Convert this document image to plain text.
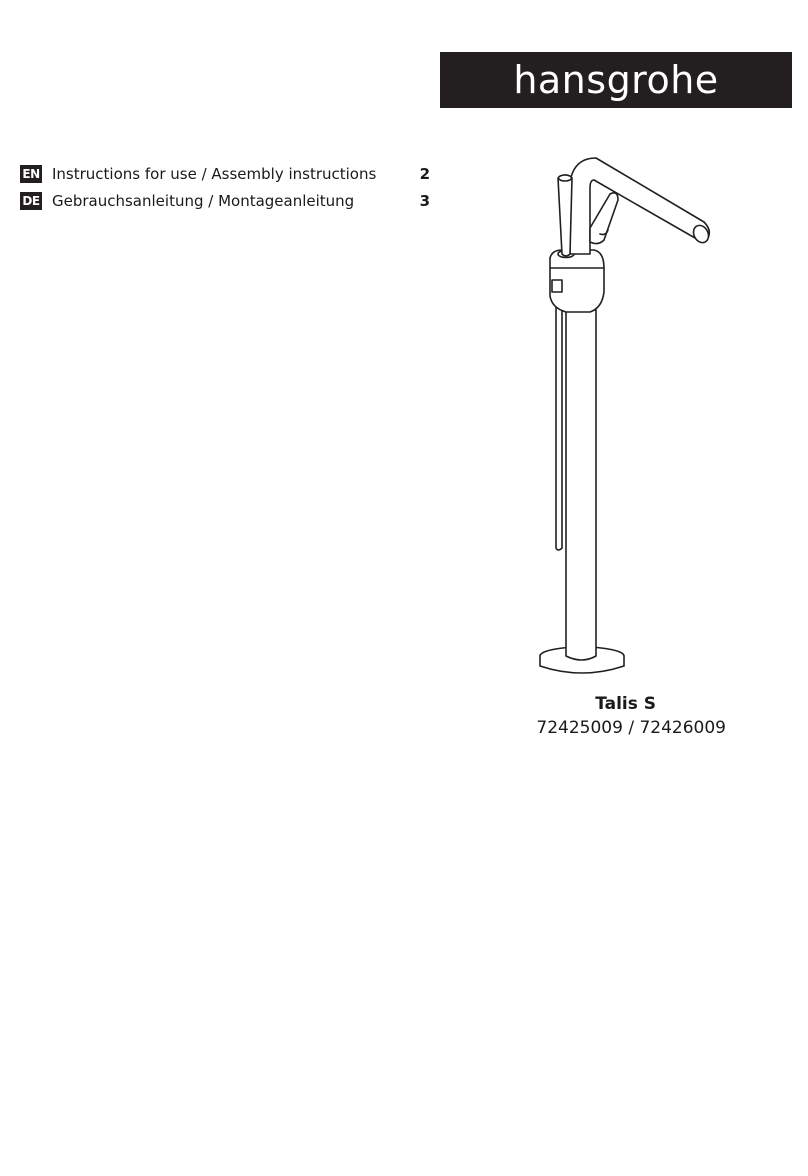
hansgrohe
EN Instructions for use / Assembly instructions	2
DE Gebrauchsanleitung / Montageanleitung	3
Talis S
72425009 / 72426009
